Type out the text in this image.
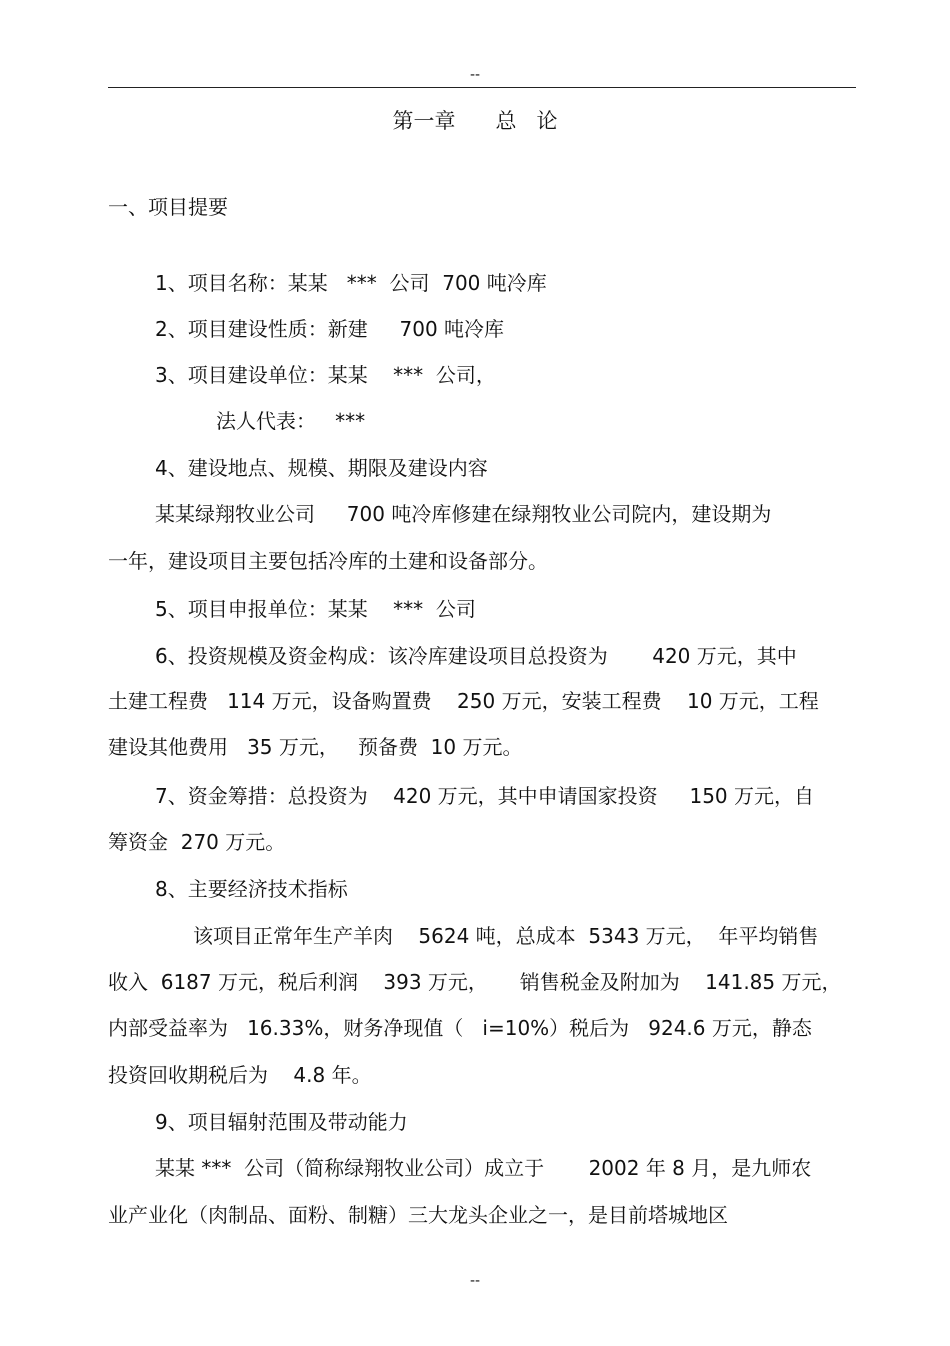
--
第一章      总   论
一、项目提要
1、项目名称：某某   ***  公司  700 吨冷库
2、项目建设性质：新建     700 吨冷库
3、项目建设单位：某某    ***  公司，
法人代表：   ***
4、建设地点、规模、期限及建设内容
某某绿翔牧业公司     700 吨冷库修建在绿翔牧业公司院内，建设期为
一年，建设项目主要包括冷库的土建和设备部分。
5、项目申报单位：某某    ***  公司
6、投资规模及资金构成：该冷库建设项目总投资为       420 万元，其中
土建工程费   114 万元，设备购置费    250 万元，安装工程费    10 万元，工程
建设其他费用   35 万元，   预备费  10 万元。
7、资金筹措：总投资为    420 万元，其中申请国家投资     150 万元，自
筹资金  270 万元。
8、主要经济技术指标
该项目正常年生产羊肉    5624 吨，总成本  5343 万元，  年平均销售
收入  6187 万元，税后利润    393 万元，     销售税金及附加为    141.85 万元，
内部受益率为   16.33%，财务净现值（   i=10%）税后为   924.6 万元，静态
投资回收期税后为    4.8 年。
9、项目辐射范围及带动能力
某某 ***  公司（简称绿翔牧业公司）成立于       2002 年 8 月，是九师农
业产业化（肉制品、面粉、制糖）三大龙头企业之一，是目前塔城地区
--
